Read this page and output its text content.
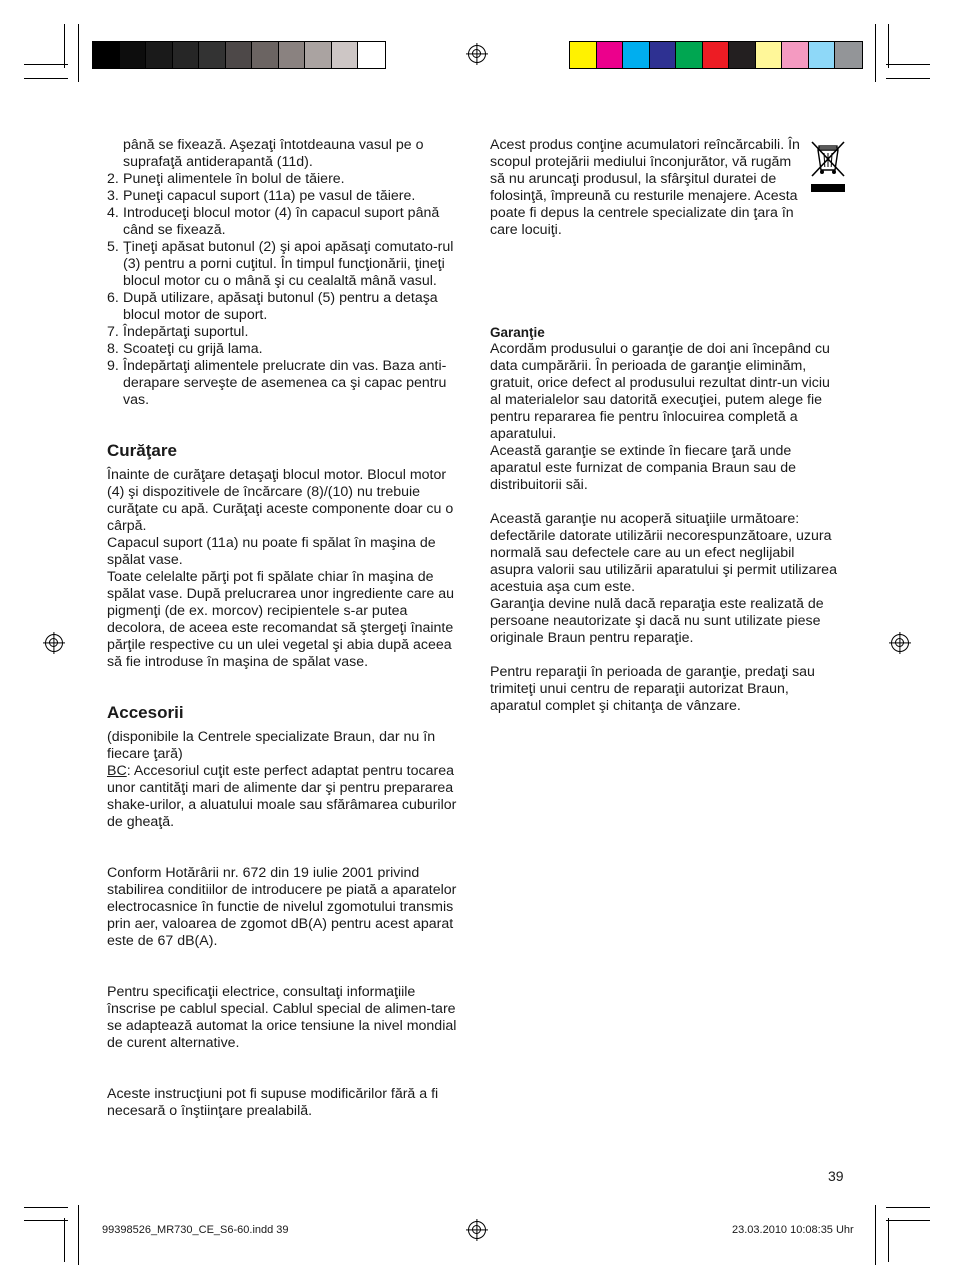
până se fixează. Aşezaţi întotdeauna vasul pe o suprafaţă antiderapantă (11d).

2. Puneţi alimentele în bolul de tăiere.
3. Puneţi capacul suport (11a) pe vasul de tăiere.
4. Introduceţi blocul motor (4) în capacul suport până când se fixează.
5. Ţineţi apăsat butonul (2) şi apoi apăsaţi comutato-rul (3) pentru a porni cuţitul. În timpul funcţionării, ţineţi blocul motor cu o mână şi cu cealaltă mână vasul.
6. După utilizare, apăsaţi butonul (5) pentru a detaşa blocul motor de suport.
7. Îndepărtaţi suportul.
8. Scoateţi cu grijă lama.
9. Îndepărtaţi alimentele prelucrate din vas. Baza anti-derapare serveşte de asemenea ca şi capac pentru vas.
Curăţare

Înainte de curăţare detaşaţi blocul motor. Blocul motor (4) şi dispozitivele de încărcare (8)/(10) nu trebuie curăţate cu apă. Curăţaţi aceste componente doar cu o cârpă.

Capacul suport (11a) nu poate fi spălat în maşina de spălat vase.

Toate celelalte părţi pot fi spălate chiar în maşina de spălat vase. După prelucrarea unor ingrediente care au pigmenţi (de ex. morcov) recipientele s-ar putea decolora, de aceea este recomandat să ştergeţi înainte părţile respective cu un ulei vegetal şi abia după aceea să fie introduse în maşina de spălat vase.

Accesorii

(disponibile la Centrele specializate Braun, dar nu în fiecare ţară)

BC: Accesoriul cuţit este perfect adaptat pentru tocarea unor cantităţi mari de alimente dar şi pentru prepararea shake-urilor, a aluatului moale sau sfărâmarea cuburilor de gheaţă.

Conform Hotărârii nr. 672 din 19 iulie 2001 privind stabilirea conditiilor de introducere pe piată a aparatelor electrocasnice în functie de nivelul zgomotului transmis prin aer, valoarea de zgomot dB(A) pentru acest aparat este de 67 dB(A).

Pentru specificaţii electrice, consultaţi informaţiile înscrise pe cablul special. Cablul special de alimen-tare se adaptează automat la orice tensiune la nivel mondial de curent alternative.

Aceste instrucţiuni pot fi supuse modificărilor fără a fi necesară o înştiinţare prealabilă.

Acest produs conţine acumulatori reîncărcabili. În scopul protejării mediului înconjurător, vă rugăm să nu aruncaţi produsul, la sfârşitul duratei de folosinţă, împreună cu resturile menajere. Acesta poate fi depus la centrele specializate din ţara în care locuiţi.

Garanţie

Acordăm produsului o garanţie de doi ani începând cu data cumpărării. În perioada de garanţie eliminăm, gratuit, orice defect al produsului rezultat dintr-un viciu al materialelor sau datorită execuţiei, putem alege fie pentru repararea fie pentru înlocuirea completă a aparatului.

Această garanţie se extinde în fiecare ţară unde aparatul este furnizat de compania Braun sau de distribuitorii săi.

Această garanţie nu acoperă situaţiile următoare: defectările datorate utilizării necorespunzătoare, uzura normală sau defectele care au un efect neglijabil asupra valorii sau utilizării aparatului şi permit utilizarea acestuia aşa cum este.

Garanţia devine nulă dacă reparaţia este realizată de persoane neautorizate şi dacă nu sunt utilizate piese originale Braun pentru reparaţie.

Pentru reparaţii în perioada de garanţie, predaţi sau trimiteţi unui centru de reparaţii autorizat Braun, aparatul complet şi chitanţa de vânzare.

39
99398526_MR730_CE_S6-60.indd 39	23.03.2010 10:08:35 Uhr
